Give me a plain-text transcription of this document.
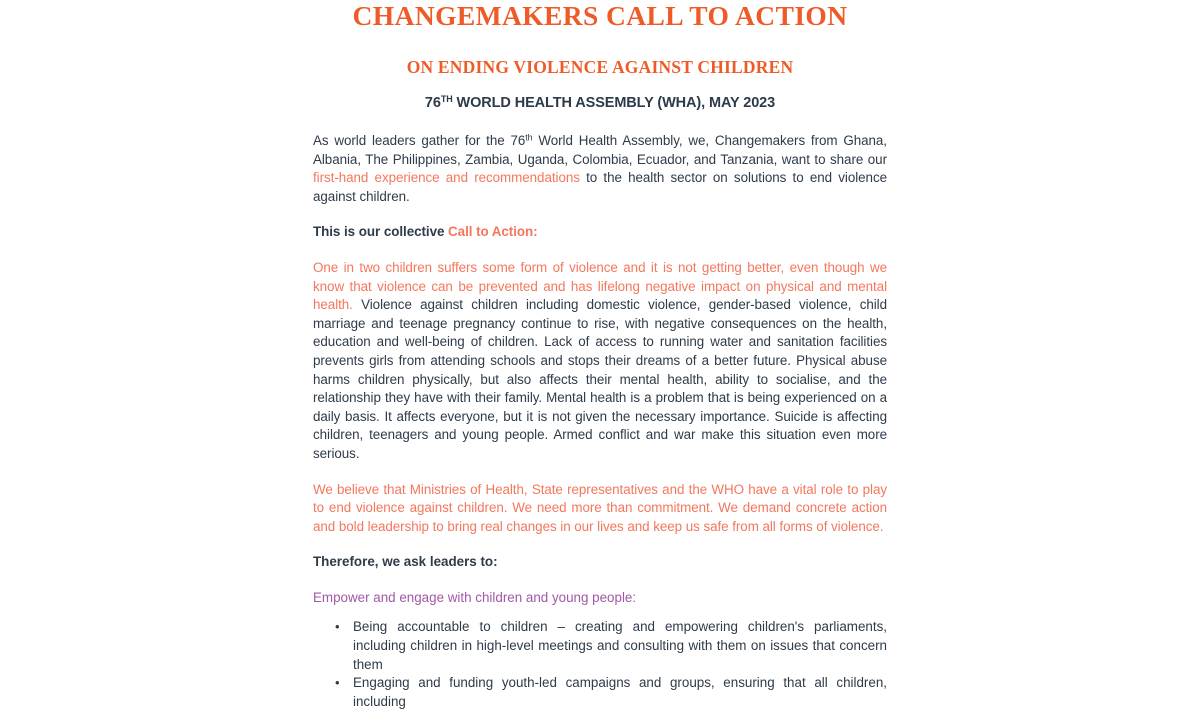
CHANGEMAKERS CALL TO ACTION
ON ENDING VIOLENCE AGAINST CHILDREN
76TH WORLD HEALTH ASSEMBLY (WHA), MAY 2023

As world leaders gather for the 76th World Health Assembly, we, Changemakers from Ghana, Albania, The Philippines, Zambia, Uganda, Colombia, Ecuador, and Tanzania, want to share our first-hand experience and recommendations to the health sector on solutions to end violence against children.

This is our collective Call to Action:

One in two children suffers some form of violence and it is not getting better, even though we know that violence can be prevented and has lifelong negative impact on physical and mental health. Violence against children including domestic violence, gender-based violence, child marriage and teenage pregnancy continue to rise, with negative consequences on the health, education and well-being of children. Lack of access to running water and sanitation facilities prevents girls from attending schools and stops their dreams of a better future. Physical abuse harms children physically, but also affects their mental health, ability to socialise, and the relationship they have with their family. Mental health is a problem that is being experienced on a daily basis. It affects everyone, but it is not given the necessary importance. Suicide is affecting children, teenagers and young people. Armed conflict and war make this situation even more serious.

We believe that Ministries of Health, State representatives and the WHO have a vital role to play to end violence against children. We need more than commitment. We demand concrete action and bold leadership to bring real changes in our lives and keep us safe from all forms of violence.

Therefore, we ask leaders to:

Empower and engage with children and young people:

• Being accountable to children – creating and empowering children's parliaments, including children in high-level meetings and consulting with them on issues that concern them
• Engaging and funding youth-led campaigns and groups, ensuring that all children, including
